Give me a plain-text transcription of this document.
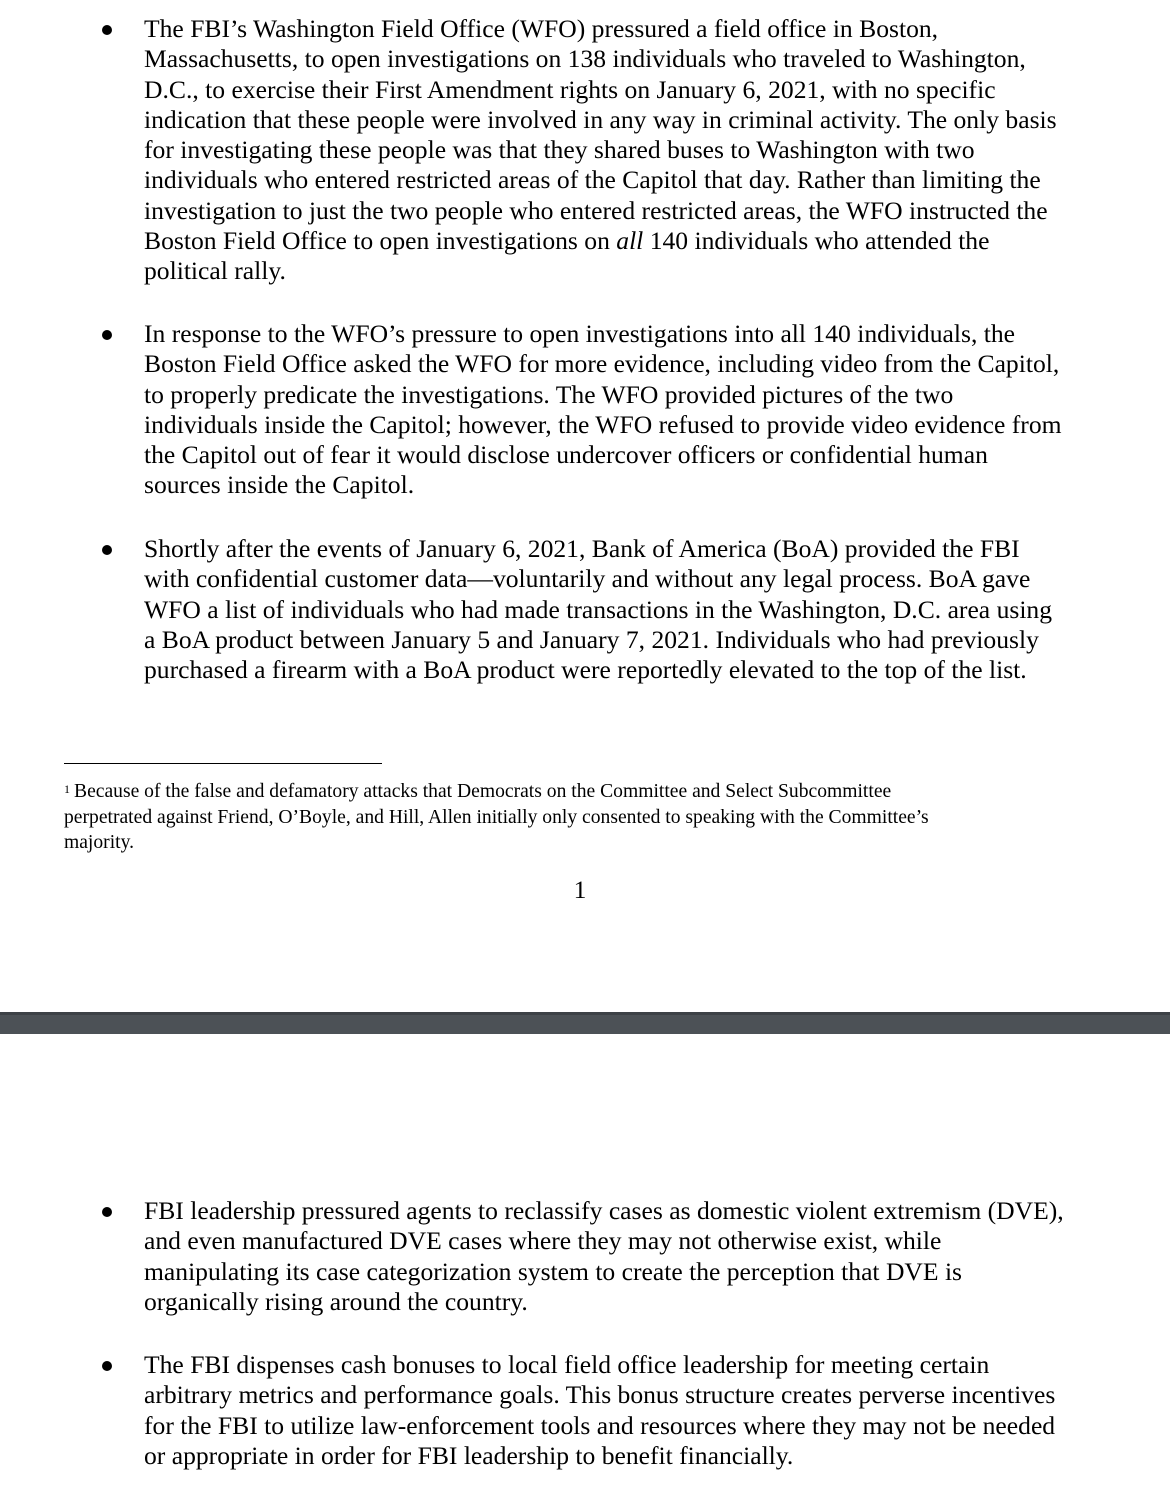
The FBI’s Washington Field Office (WFO) pressured a field office in Boston,
Massachusetts, to open investigations on 138 individuals who traveled to Washington,
D.C., to exercise their First Amendment rights on January 6, 2021, with no specific
indication that these people were involved in any way in criminal activity. The only basis
for investigating these people was that they shared buses to Washington with two
individuals who entered restricted areas of the Capitol that day. Rather than limiting the
investigation to just the two people who entered restricted areas, the WFO instructed the
Boston Field Office to open investigations on all 140 individuals who attended the
political rally.

In response to the WFO’s pressure to open investigations into all 140 individuals, the
Boston Field Office asked the WFO for more evidence, including video from the Capitol,
to properly predicate the investigations. The WFO provided pictures of the two
individuals inside the Capitol; however, the WFO refused to provide video evidence from
the Capitol out of fear it would disclose undercover officers or confidential human
sources inside the Capitol.

Shortly after the events of January 6, 2021, Bank of America (BoA) provided the FBI
with confidential customer data—voluntarily and without any legal process. BoA gave
WFO a list of individuals who had made transactions in the Washington, D.C. area using
a BoA product between January 5 and January 7, 2021. Individuals who had previously
purchased a firearm with a BoA product were reportedly elevated to the top of the list.

$^1$ Because of the false and defamatory attacks that Democrats on the Committee and Select Subcommittee
perpetrated against Friend, O’Boyle, and Hill, Allen initially only consented to speaking with the Committee’s
majority.

1

FBI leadership pressured agents to reclassify cases as domestic violent extremism (DVE),
and even manufactured DVE cases where they may not otherwise exist, while
manipulating its case categorization system to create the perception that DVE is
organically rising around the country.

The FBI dispenses cash bonuses to local field office leadership for meeting certain
arbitrary metrics and performance goals. This bonus structure creates perverse incentives
for the FBI to utilize law-enforcement tools and resources where they may not be needed
or appropriate in order for FBI leadership to benefit financially.
